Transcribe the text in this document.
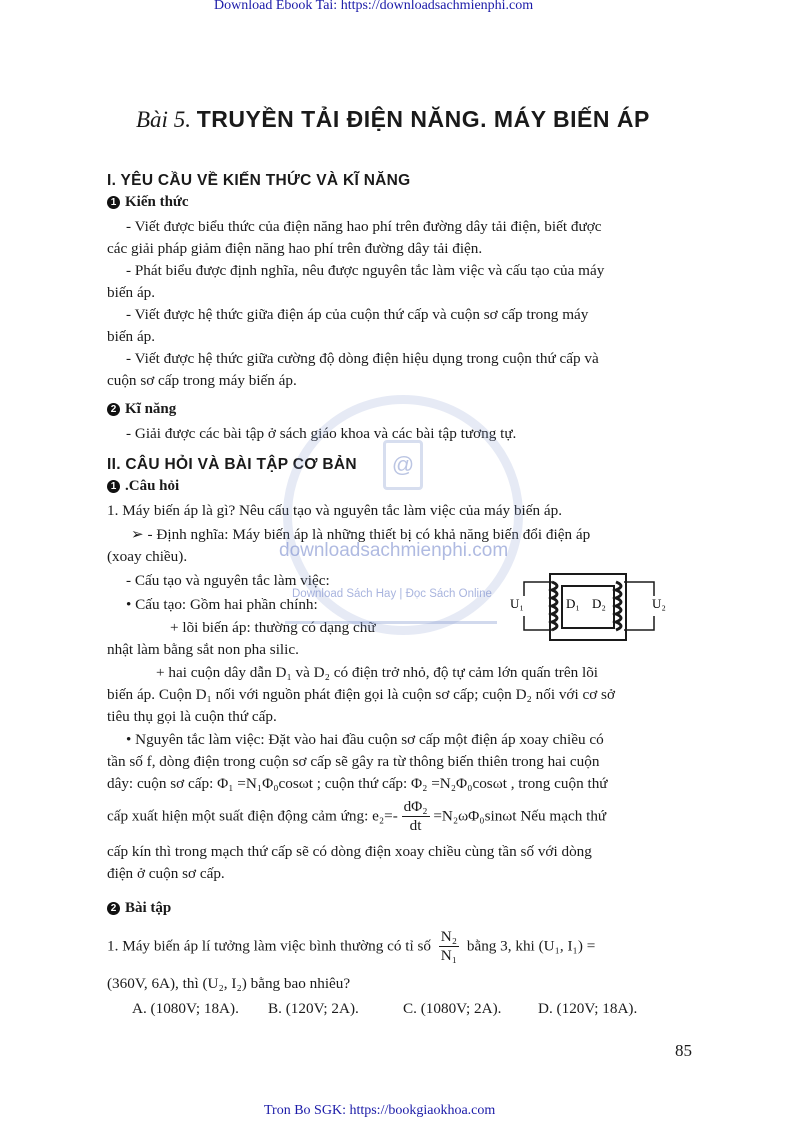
Download Ebook Tai: https://downloadsachmienphi.com
Bài 5. TRUYỀN TẢI ĐIỆN NĂNG. MÁY BIẾN ÁP
I. YÊU CẦU VỀ KIẾN THỨC VÀ KĨ NĂNG
1 Kiến thức
- Viết được biểu thức của điện năng hao phí trên đường dây tải điện, biết được
các giải pháp giảm điện năng hao phí trên đường dây tải điện.
- Phát biểu được định nghĩa, nêu được nguyên tắc làm việc và cấu tạo của máy
biến áp.
- Viết được hệ thức giữa điện áp của cuộn thứ cấp và cuộn sơ cấp trong máy
biến áp.
- Viết được hệ thức giữa cường độ dòng điện hiệu dụng trong cuộn thứ cấp và
cuộn sơ cấp trong máy biến áp.
2 Kĩ năng
- Giải được các bài tập ở sách giáo khoa và các bài tập tương tự.
II. CÂU HỎI VÀ BÀI TẬP CƠ BẢN
1 .Câu hỏi
1. Máy biến áp là gì? Nêu cấu tạo và nguyên tắc làm việc của máy biến áp.
➢ - Định nghĩa: Máy biến áp là những thiết bị có khả năng biến đổi điện áp
(xoay chiều).
- Cấu tạo và nguyên tắc làm việc:
• Cấu tạo: Gồm hai phần chính:
+ lõi biến áp: thường có dạng chữ
nhật làm bằng sắt non pha silic.
U₁	D₁ D₂	U₂
+ hai cuộn dây dẫn D₁ và D₂ có điện trở nhỏ, độ tự cảm lớn quấn trên lõi
biến áp. Cuộn D₁ nối với nguồn phát điện gọi là cuộn sơ cấp; cuộn D₂ nối với cơ sở
tiêu thụ gọi là cuộn thứ cấp.
• Nguyên tắc làm việc: Đặt vào hai đầu cuộn sơ cấp một điện áp xoay chiều có
tần số f, dòng điện trong cuộn sơ cấp sẽ gây ra từ thông biến thiên trong hai cuộn
dây: cuộn sơ cấp: Φ₁ =N₁Φ₀cosωt ; cuộn thứ cấp: Φ₂ =N₂Φ₀cosωt , trong cuộn thứ
cấp xuất hiện một suất điện động cảm ứng: $e_2=- \frac{\text{dΦ₂}}{dt} =N_2\omega\Phi_0\sin\omega t$ Nếu mạch thứ
cấp kín thì trong mạch thứ cấp sẽ có dòng điện xoay chiều cùng tần số với dòng
điện ở cuộn sơ cấp.
2 Bài tập
1. Máy biến áp lí tưởng làm việc bình thường có tỉ số $\frac{\text{N₂}}{\text{N₁}}$ bằng 3, khi (U₁, I₁) =
(360V, 6A), thì (U₂, I₂) bằng bao nhiêu?
A. (1080V; 18A). B. (120V; 2A).	C. (1080V; 2A). D. (120V; 18A).
@
downloadsachmienphi.com
Download Sách Hay | Đọc Sách Online
85
Tron Bo SGK: https://bookgiaokhoa.com
